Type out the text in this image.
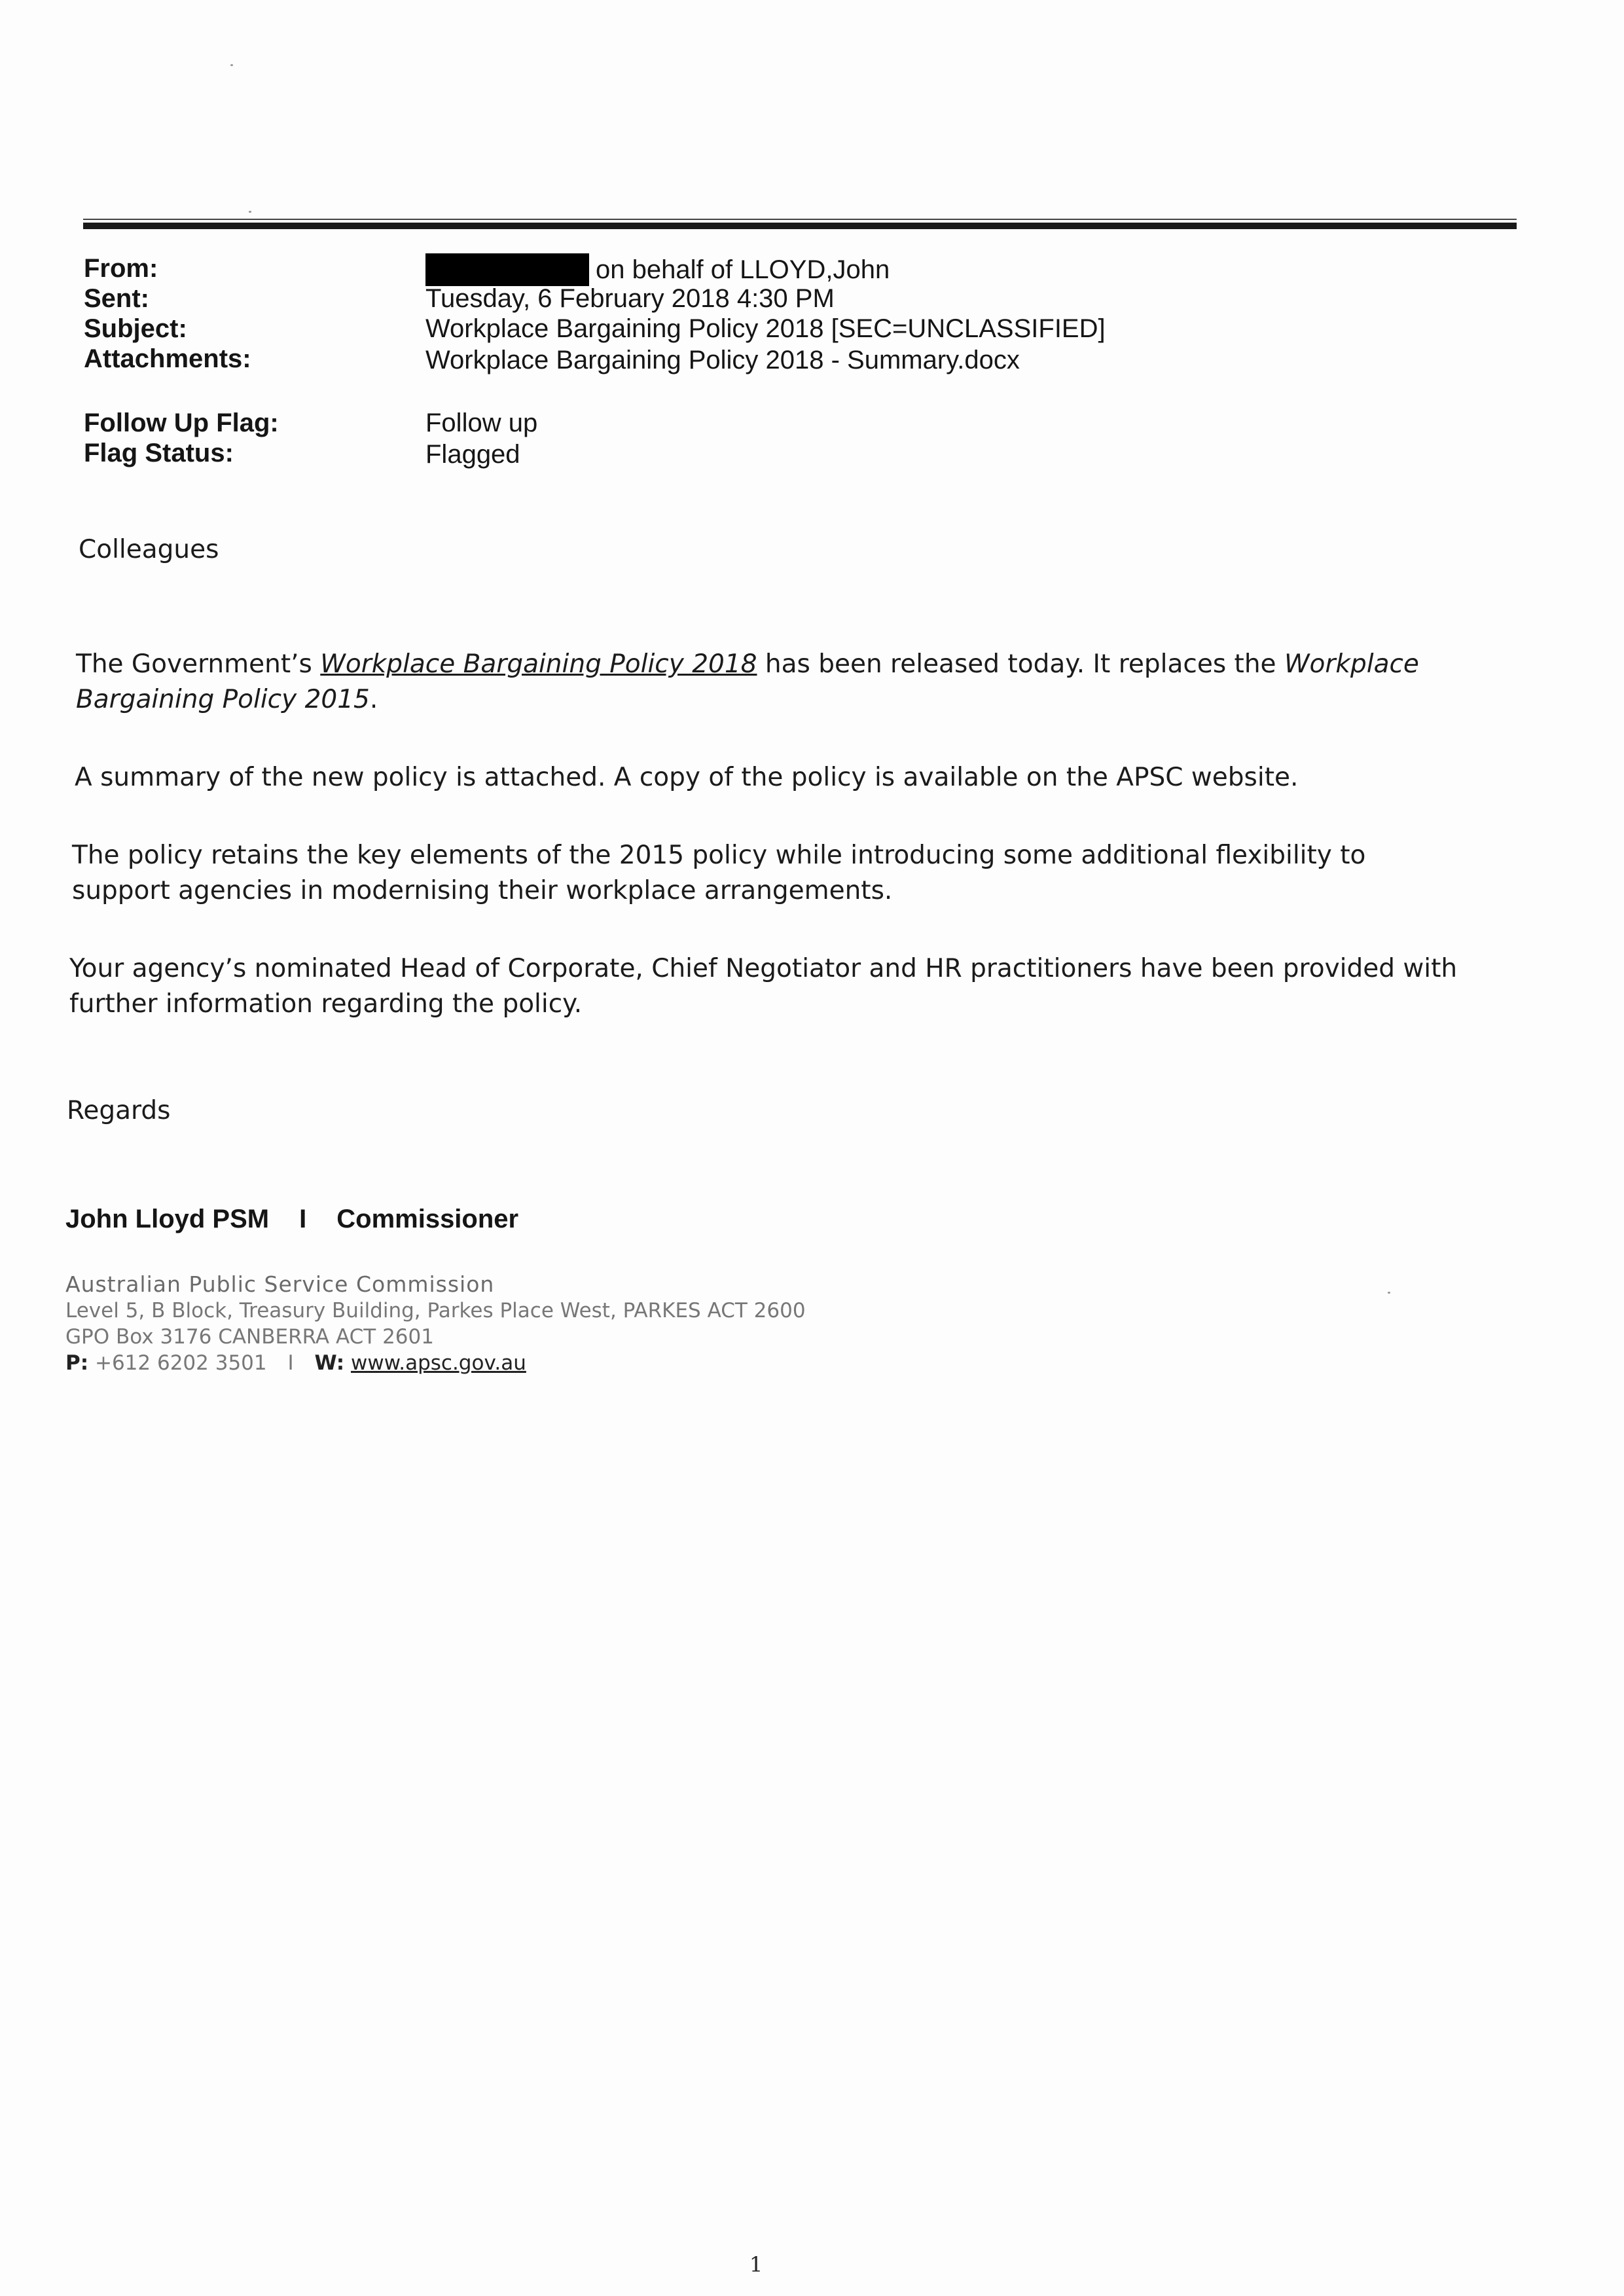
From:	on behalf of LLOYD,John
Sent:	Tuesday, 6 February 2018 4:30 PM
Subject:	Workplace Bargaining Policy 2018 [SEC=UNCLASSIFIED]
Attachments:	Workplace Bargaining Policy 2018 - Summary.docx
Follow Up Flag:	Follow up
Flag Status:	Flagged
Colleagues
The Government’s Workplace Bargaining Policy 2018 has been released today. It replaces the Workplace Bargaining Policy 2015.
A summary of the new policy is attached. A copy of the policy is available on the APSC website.
The policy retains the key elements of the 2015 policy while introducing some additional flexibility to support agencies in modernising their workplace arrangements.
Your agency’s nominated Head of Corporate, Chief Negotiator and HR practitioners have been provided with further information regarding the policy.
Regards
John Lloyd PSM I Commissioner
Australian Public Service Commission
Level 5, B Block, Treasury Building, Parkes Place West, PARKES ACT 2600
GPO Box 3176 CANBERRA ACT 2601
P: +612 6202 3501 I W: www.apsc.gov.au
1
